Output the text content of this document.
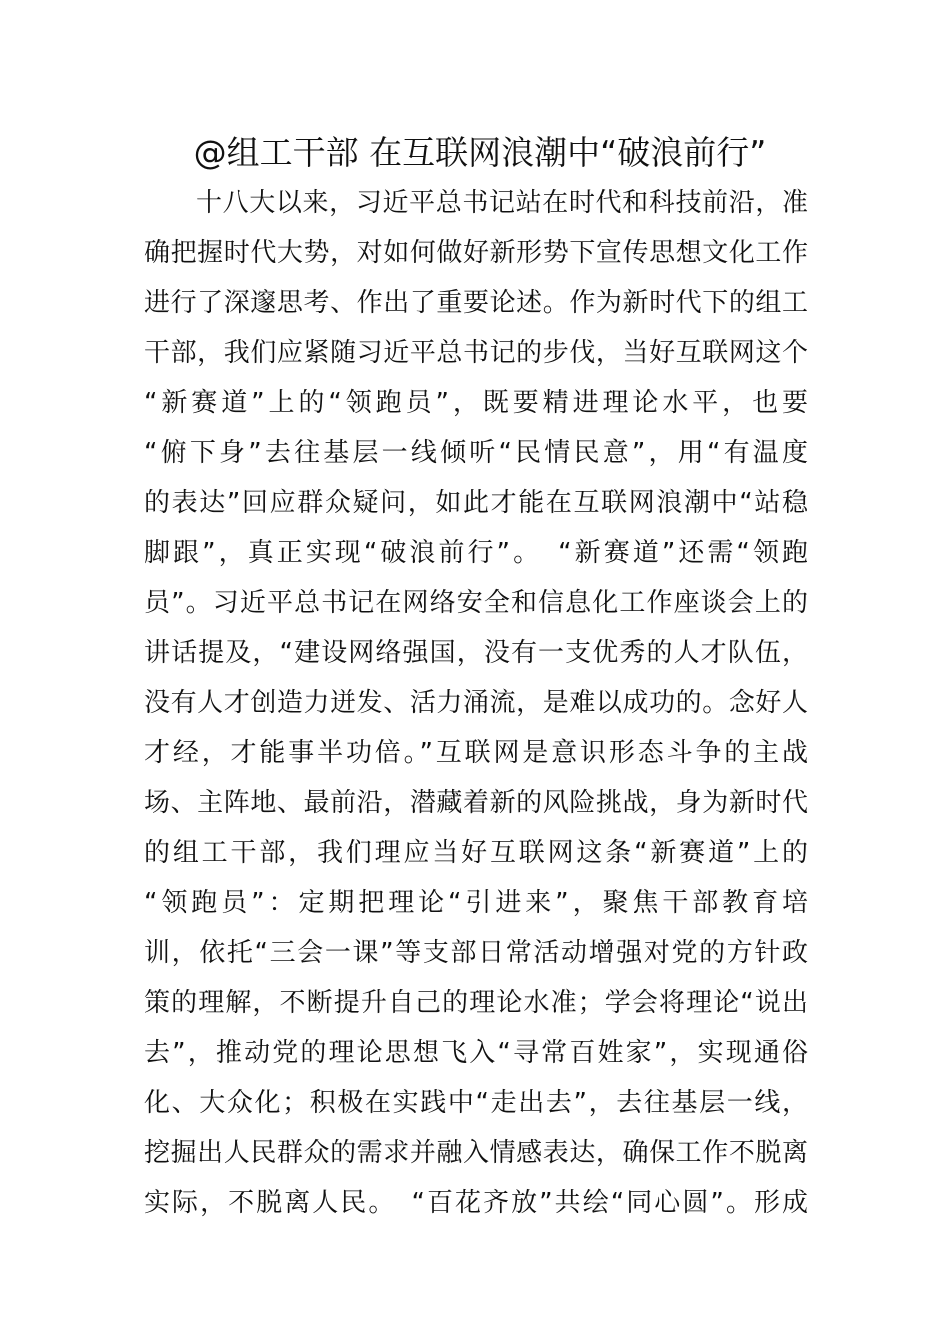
@组工干部 在互联网浪潮中“破浪前行”
十八大以来，习近平总书记站在时代和科技前沿，准
确把握时代大势，对如何做好新形势下宣传思想文化工作
进行了深邃思考、作出了重要论述。作为新时代下的组工
干部，我们应紧随习近平总书记的步伐，当好互联网这个
“新赛道”上的“领跑员”，既要精进理论水平，也要
“俯下身”去往基层一线倾听“民情民意”，用“有温度
的表达”回应群众疑问，如此才能在互联网浪潮中“站稳
脚跟”，真正实现“破浪前行”。　“新赛道”还需“领跑
员”。习近平总书记在网络安全和信息化工作座谈会上的
讲话提及，“建设网络强国，没有一支优秀的人才队伍，
没有人才创造力迸发、活力涌流，是难以成功的。念好人
才经，才能事半功倍。”互联网是意识形态斗争的主战
场、主阵地、最前沿，潜藏着新的风险挑战，身为新时代
的组工干部，我们理应当好互联网这条“新赛道”上的
“领跑员”：定期把理论“引进来”，聚焦干部教育培
训，依托“三会一课”等支部日常活动增强对党的方针政
策的理解，不断提升自己的理论水准；学会将理论“说出
去”，推动党的理论思想飞入“寻常百姓家”，实现通俗
化、大众化；积极在实践中“走出去”，去往基层一线，
挖掘出人民群众的需求并融入情感表达，确保工作不脱离
实际，不脱离人民。　“百花齐放”共绘“同心圆”。形成
